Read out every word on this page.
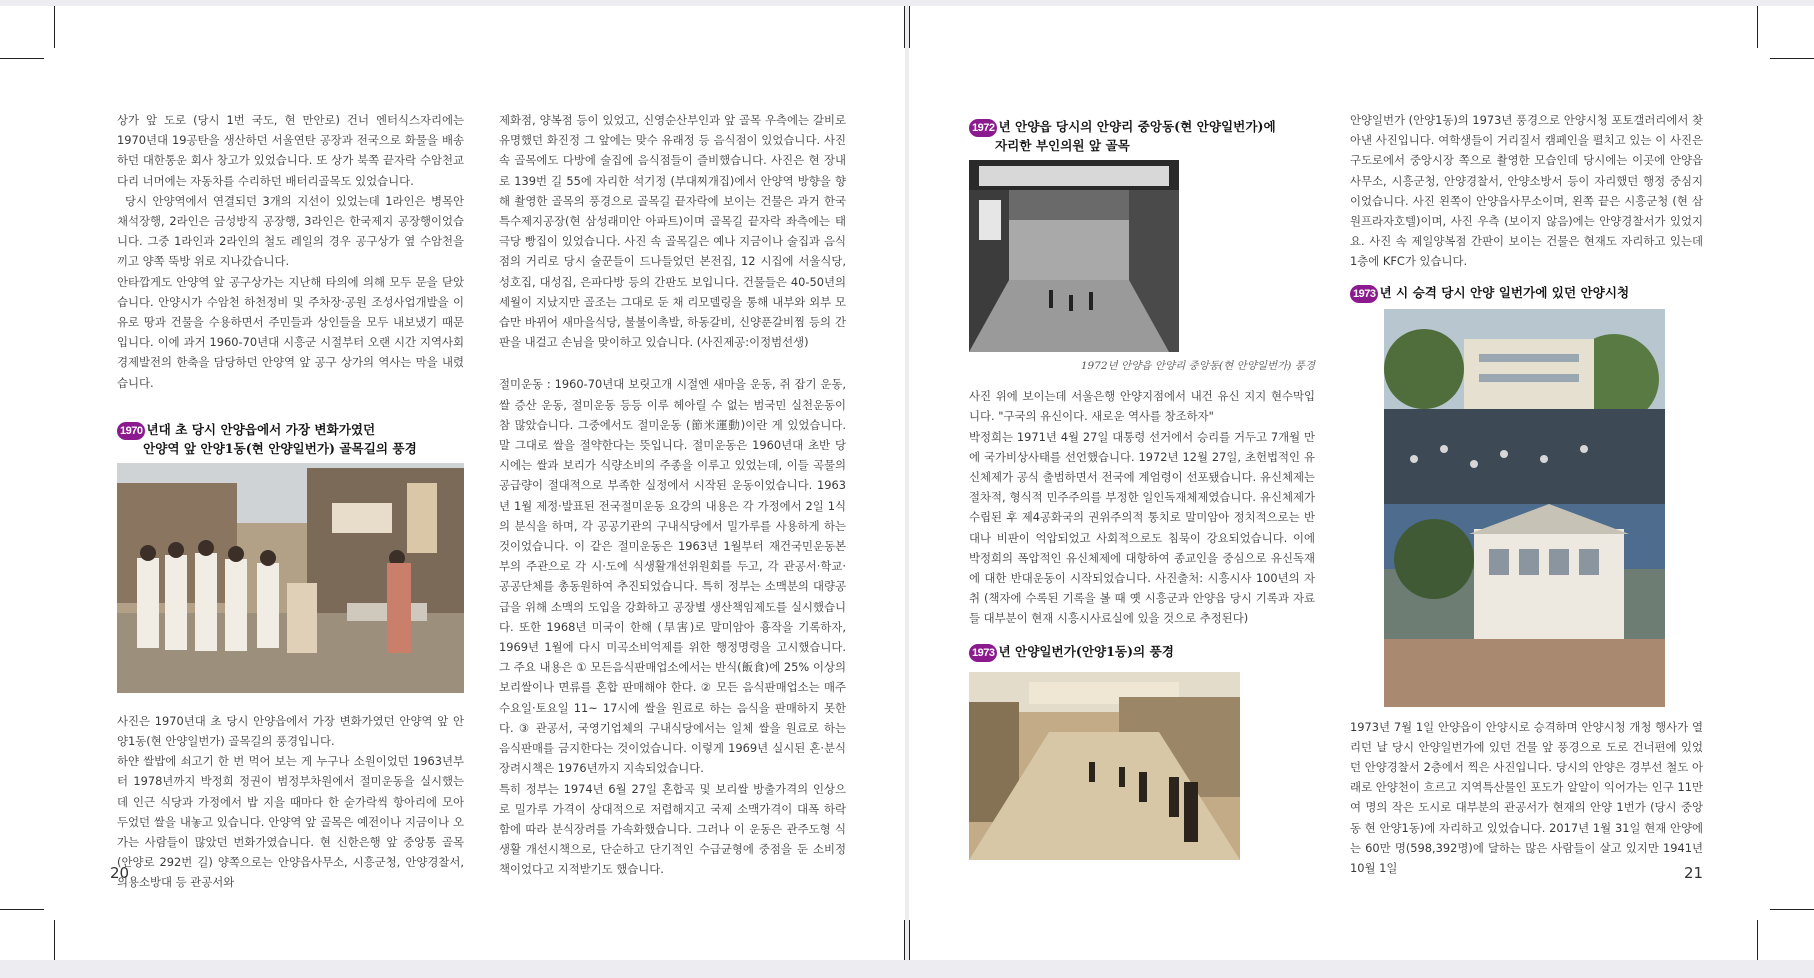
상가 앞 도로 (당시 1번 국도, 현 만안로) 건너 엔터식스자리에는 1970년대 19공탄을 생산하던 서울연탄 공장과 전국으로 화물을 배송하던 대한통운 회사 창고가 있었습니다. 또 상가 북쪽 끝자락 수암천교 다리 너머에는 자동차를 수리하던 배터리골목도 있었습니다.

당시 안양역에서 연결되던 3개의 지선이 있었는데 1라인은 병목안 채석장행, 2라인은 금성방직 공장행, 3라인은 한국제지 공장행이었습니다. 그중 1라인과 2라인의 철도 레일의 경우 공구상가 옆 수암천을 끼고 양쪽 뚝방 위로 지나갔습니다.

안타깝게도 안양역 앞 공구상가는 지난해 타의에 의해 모두 문을 닫았습니다. 안양시가 수암천 하천정비 및 주차장·공원 조성사업개발을 이유로 땅과 건물을 수용하면서 주민들과 상인들을 모두 내보냈기 때문입니다. 이에 과거 1960-70년대 시흥군 시절부터 오랜 시간 지역사회 경제발전의 한축을 담당하던 안양역 앞 공구 상가의 역사는 막을 내렸습니다.

1970 년대 초 당시 안양읍에서 가장 변화가였던
안양역 앞 안양1동(현 안양일번가) 골목길의 풍경

사진은 1970년대 초 당시 안양읍에서 가장 변화가였던 안양역 앞 안양1동(현 안양일번가) 골목길의 풍경입니다.

하얀 쌀밥에 쇠고기 한 번 먹어 보는 게 누구나 소원이었던 1963년부터 1978년까지 박정희 정권이 범정부차원에서 절미운동을 실시했는데 인근 식당과 가정에서 밥 지을 때마다 한 숟가락씩 항아리에 모아 두었던 쌀을 내놓고 있습니다. 안양역 앞 골목은 예전이나 지금이나 오가는 사람들이 많았던 번화가였습니다. 현 신한은행 앞 중앙통 골목 (안양로 292번 길) 양쪽으로는 안양읍사무소, 시흥군청, 안양경찰서, 의용소방대 등 관공서와

제화점, 양복점 등이 있었고, 신영순산부인과 앞 골목 우측에는 갈비로 유명했던 화진정 그 앞에는 맞수 유래정 등 음식점이 있었습니다. 사진 속 골목에도 다방에 술집에 음식점들이 즐비했습니다. 사진은 현 장내로 139번 길 55에 자리한 석기정 (부대찌개집)에서 안양역 방향을 향해 촬영한 골목의 풍경으로 골목길 끝자락에 보이는 건물은 과거 한국특수제지공장(현 삼성래미안 아파트)이며 골목길 끝자락 좌측에는 태극당 빵집이 있었습니다. 사진 속 골목길은 예나 지금이나 술집과 음식점의 거리로 당시 술꾼들이 드나들었던 본전집, 12 시집에 서울식당, 성호집, 대성집, 은파다방 등의 간판도 보입니다. 건물들은 40-50년의 세월이 지났지만 골조는 그대로 둔 채 리모델링을 통해 내부와 외부 모습만 바뀌어 새마을식당, 불불이촉발, 하동갈비, 신양푼갈비찜 등의 간판을 내걸고 손님을 맞이하고 있습니다. (사진제공:이정범선생)

절미운동 : 1960-70년대 보릿고개 시절엔 새마을 운동, 쥐 잡기 운동, 쌀 증산 운동, 절미운동 등등 이루 헤아릴 수 없는 범국민 실천운동이 참 많았습니다. 그중에서도 절미운동 (節米運動)이란 게 있었습니다. 말 그대로 쌀을 절약한다는 뜻입니다. 절미운동은 1960년대 초반 당시에는 쌀과 보리가 식량소비의 주종을 이루고 있었는데, 이들 곡물의 공급량이 절대적으로 부족한 실정에서 시작된 운동이었습니다. 1963년 1월 제정·발표된 전국절미운동 요강의 내용은 각 가정에서 2일 1식의 분식을 하며, 각 공공기관의 구내식당에서 밀가루를 사용하게 하는 것이었습니다. 이 같은 절미운동은 1963년 1월부터 재건국민운동본부의 주관으로 각 시·도에 식생활개선위원회를 두고, 각 관공서·학교·공공단체를 총동원하여 추진되었습니다. 특히 정부는 소맥분의 대량공급을 위해 소맥의 도입을 강화하고 공장별 생산책임제도를 실시했습니다. 또한 1968년 미국이 한해 (旱害)로 말미암아 흉작을 기록하자, 1969년 1월에 다시 미곡소비억제를 위한 행정명령을 고시했습니다. 그 주요 내용은 ① 모든음식판매업소에서는 반식(飯食)에 25% 이상의 보리쌀이나 면류를 혼합 판매해야 한다. ② 모든 음식판매업소는 매주 수요일·토요일 11~ 17시에 쌀을 원료로 하는 음식을 판매하지 못한다. ③ 관공서, 국영기업체의 구내식당에서는 일체 쌀을 원료로 하는 음식판매를 금지한다는 것이었습니다. 이렇게 1969년 실시된 혼·분식 장려시책은 1976년까지 지속되었습니다.

특히 정부는 1974년 6월 27일 혼합곡 및 보리쌀 방출가격의 인상으로 밀가루 가격이 상대적으로 저렴해지고 국제 소맥가격이 대폭 하락함에 따라 분식장려를 가속화했습니다. 그러나 이 운동은 관주도형 식생활 개선시책으로, 단순하고 단기적인 수급균형에 중점을 둔 소비정책이었다고 지적받기도 했습니다.

20
1972 년 안양읍 당시의 안양리 중앙동(현 안양일번가)에
자리한 부인의원 앞 골목
1972년 안양읍 안양리 중앙동(현 안양일번가) 풍경

사진 위에 보이는데 서울은행 안양지점에서 내건 유신 지지 현수막입니다. "구국의 유신이다. 새로운 역사를 창조하자"

박정희는 1971년 4월 27일 대통령 선거에서 승리를 거두고 7개월 만에 국가비상사태를 선언했습니다. 1972년 12월 27일, 초헌법적인 유신체제가 공식 출범하면서 전국에 계엄령이 선포됐습니다. 유신체제는 절차적, 형식적 민주주의를 부정한 일인독재체제였습니다. 유신체제가 수립된 후 제4공화국의 권위주의적 통치로 말미암아 정치적으로는 반대나 비판이 억압되었고 사회적으로도 침묵이 강요되었습니다. 이에 박정희의 폭압적인 유신체제에 대항하여 종교인을 중심으로 유신독재에 대한 반대운동이 시작되었습니다. 사진출처: 시흥시사 100년의 자취 (책자에 수록된 기록을 볼 때 옛 시흥군과 안양읍 당시 기록과 자료들 대부분이 현재 시흥시사료실에 있을 것으로 추정된다)

1973 년 안양일번가(안양1동)의 풍경

안양일번가 (안양1동)의 1973년 풍경으로 안양시청 포토갤러리에서 찾아낸 사진입니다. 여학생들이 거리질서 캠페인을 펼치고 있는 이 사진은 구도로에서 중앙시장 쪽으로 촬영한 모습인데 당시에는 이곳에 안양읍사무소, 시흥군청, 안양경찰서, 안양소방서 등이 자리했던 행정 중심지이었습니다. 사진 왼쪽이 안양읍사무소이며, 왼쪽 끝은 시흥군청 (현 삼원프라자호텔)이며, 사진 우측 (보이지 않음)에는 안양경찰서가 있었지요. 사진 속 제일양복점 간판이 보이는 건물은 현재도 자리하고 있는데 1층에 KFC가 있습니다.

1973 년 시 승격 당시 안양 일번가에 있던 안양시청

1973년 7월 1일 안양읍이 안양시로 승격하며 안양시청 개청 행사가 열리던 날 당시 안양일번가에 있던 건물 앞 풍경으로 도로 건너편에 있었던 안양경찰서 2층에서 찍은 사진입니다. 당시의 안양은 경부선 철도 아래로 안양천이 흐르고 지역특산물인 포도가 알알이 익어가는 인구 11만여 명의 작은 도시로 대부분의 관공서가 현재의 안양 1번가 (당시 중앙동 현 안양1동)에 자리하고 있었습니다. 2017년 1월 31일 현재 안양에는 60만 명(598,392명)에 달하는 많은 사람들이 살고 있지만 1941년 10월 1일	21
